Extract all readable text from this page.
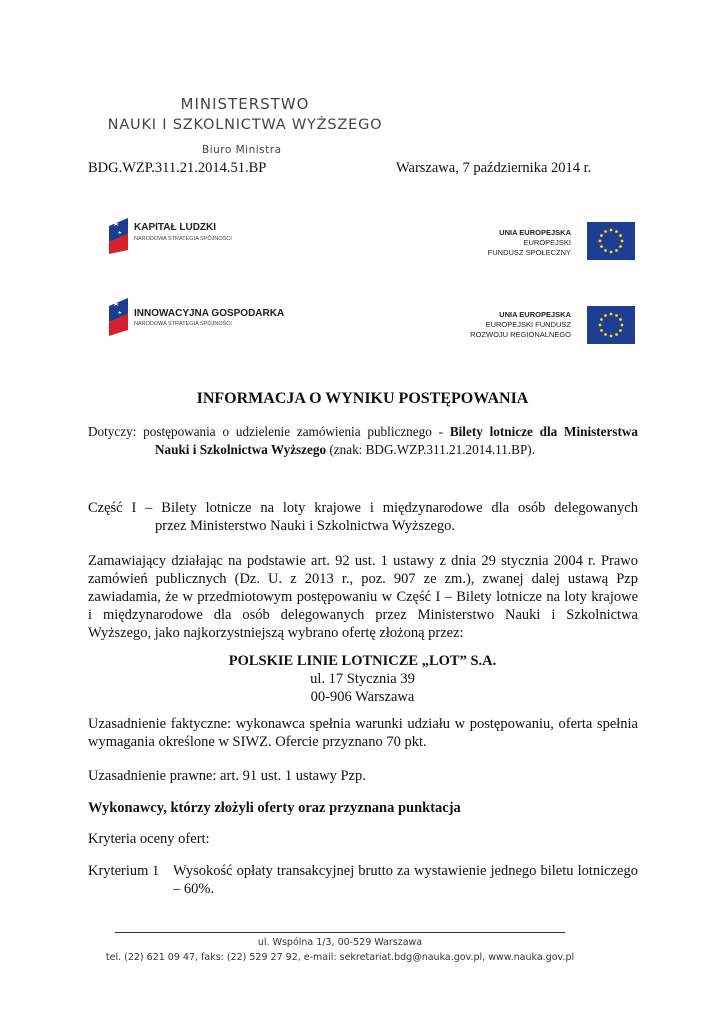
MINISTERSTWO
NAUKI I SZKOLNICTWA WYŻSZEGO
Biuro Ministra
BDG.WZP.311.21.2014.51.BP	Warszawa, 7 października 2014 r.
KAPITAŁ LUDZKI
NARODOWA STRATEGIA SPÓJNOŚCI
UNIA EUROPEJSKA
EUROPEJSKI
FUNDUSZ SPOŁECZNY
INNOWACYJNA GOSPODARKA
NARODOWA STRATEGIA SPÓJNOŚCI
UNIA EUROPEJSKA
EUROPEJSKI FUNDUSZ
ROZWOJU REGIONALNEGO
INFORMACJA O WYNIKU POSTĘPOWANIA
Dotyczy: postępowania o udzielenie zamówienia publicznego - Bilety lotnicze dla Ministerstwa
Nauki i Szkolnictwa Wyższego (znak: BDG.WZP.311.21.2014.11.BP).
Część I – Bilety lotnicze na loty krajowe i międzynarodowe dla osób delegowanych
przez Ministerstwo Nauki i Szkolnictwa Wyższego.
Zamawiający działając na podstawie art. 92 ust. 1 ustawy z dnia 29 stycznia 2004 r. Prawo
zamówień publicznych (Dz. U. z 2013 r., poz. 907 ze zm.), zwanej dalej ustawą Pzp
zawiadamia, że w przedmiotowym postępowaniu w Część I – Bilety lotnicze na loty krajowe
i międzynarodowe dla osób delegowanych przez Ministerstwo Nauki i Szkolnictwa
Wyższego, jako najkorzystniejszą wybrano ofertę złożoną przez:
POLSKIE LINIE LOTNICZE „LOT” S.A.
ul. 17 Stycznia 39
00-906 Warszawa
Uzasadnienie faktyczne: wykonawca spełnia warunki udziału w postępowaniu, oferta spełnia
wymagania określone w SIWZ. Ofercie przyznano 70 pkt.
Uzasadnienie prawne: art. 91 ust. 1 ustawy Pzp.
Wykonawcy, którzy złożyli oferty oraz przyznana punktacja
Kryteria oceny ofert:
Kryterium 1 Wysokość opłaty transakcyjnej brutto za wystawienie jednego biletu lotniczego
– 60%.
ul. Wspólna 1/3, 00-529 Warszawa
tel. (22) 621 09 47, faks: (22) 529 27 92, e-mail: sekretariat.bdg@nauka.gov.pl, www.nauka.gov.pl
